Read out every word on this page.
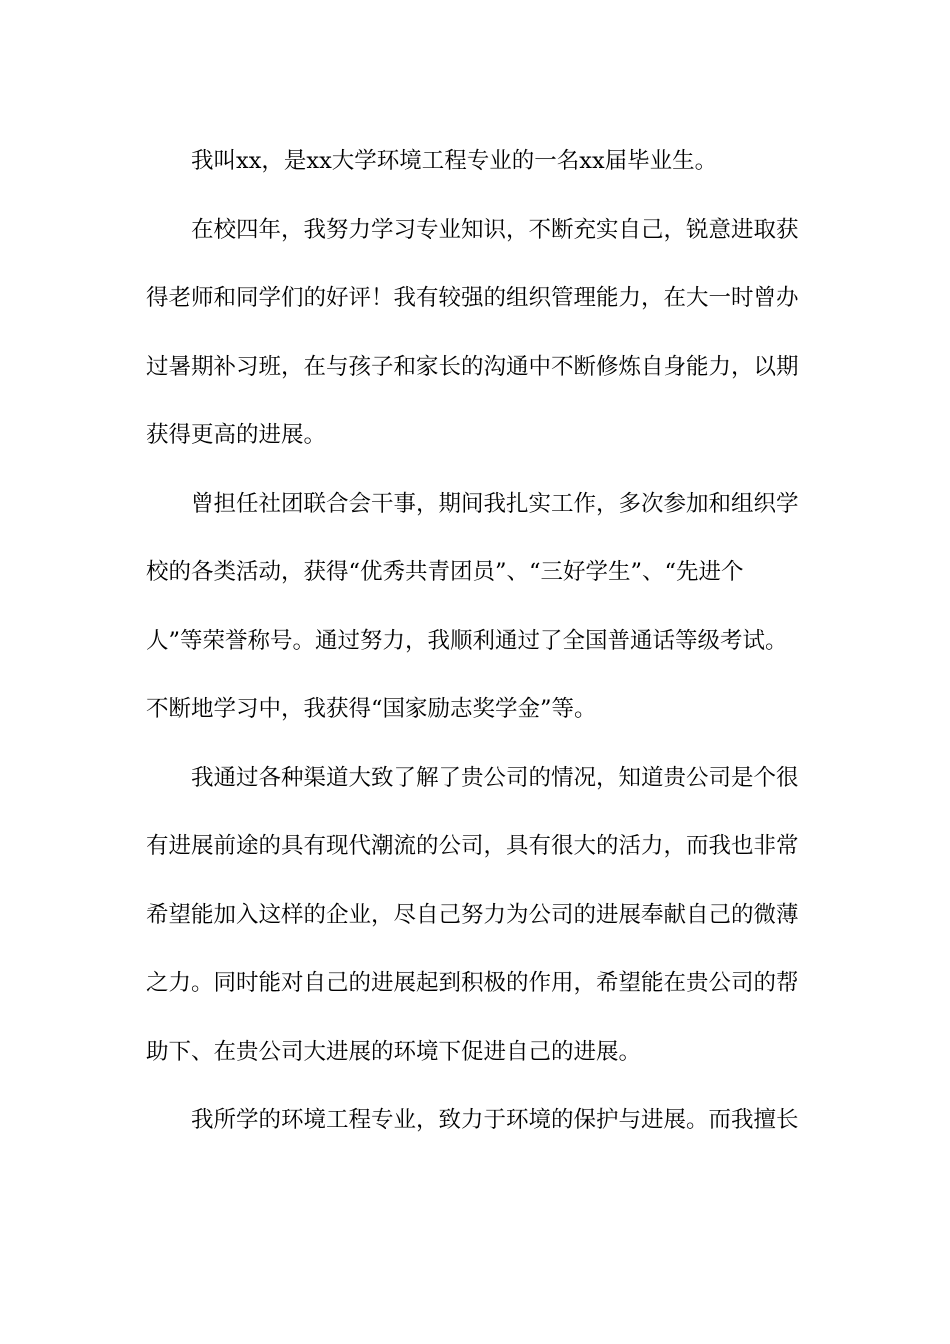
我叫xx，是xx大学环境工程专业的一名xx届毕业生。

在校四年，我努力学习专业知识，不断充实自己，锐意进取获
得老师和同学们的好评！我有较强的组织管理能力，在大一时曾办
过暑期补习班，在与孩子和家长的沟通中不断修炼自身能力，以期
获得更高的进展。

曾担任社团联合会干事，期间我扎实工作，多次参加和组织学
校的各类活动，获得“优秀共青团员”、“三好学生”、“先进个
人”等荣誉称号。通过努力，我顺利通过了全国普通话等级考试。
不断地学习中，我获得“国家励志奖学金”等。

我通过各种渠道大致了解了贵公司的情况，知道贵公司是个很
有进展前途的具有现代潮流的公司，具有很大的活力，而我也非常
希望能加入这样的企业，尽自己努力为公司的进展奉献自己的微薄
之力。同时能对自己的进展起到积极的作用，希望能在贵公司的帮
助下、在贵公司大进展的环境下促进自己的进展。

我所学的环境工程专业，致力于环境的保护与进展。而我擅长
